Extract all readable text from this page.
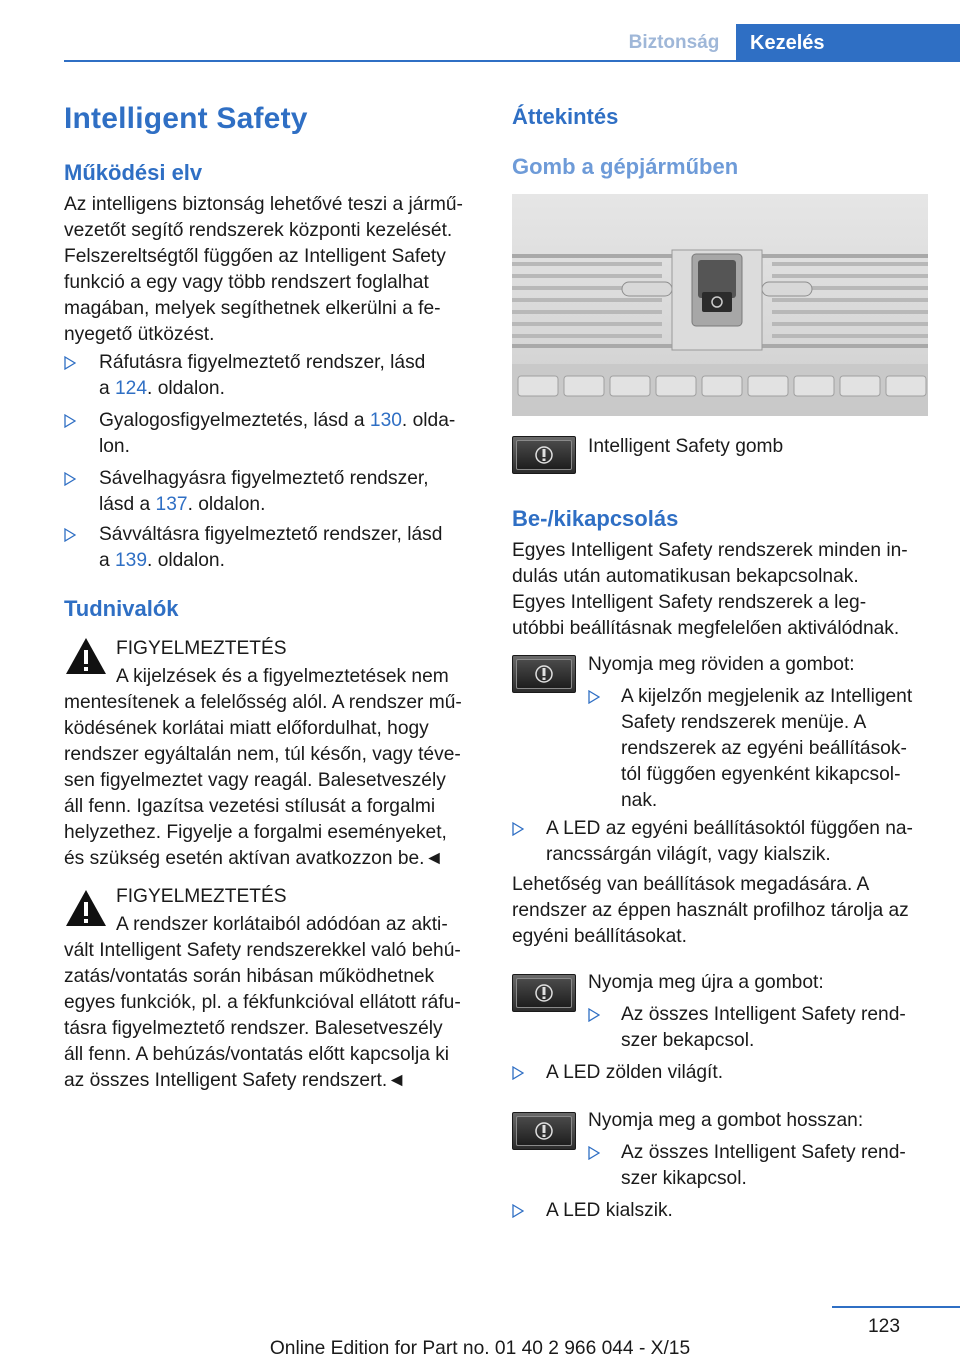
Biztonság	Kezelés
Intelligent Safety
Működési elv
Az intelligens biztonság lehetővé teszi a jármű-
vezetőt segítő rendszerek központi kezelését.
Felszereltségtől függően az Intelligent Safety
funkció a egy vagy több rendszert foglalhat
magában, melyek segíthetnek elkerülni a fe-
nyegető ütközést.
Ráfutásra figyelmeztető rendszer, lásd
a 124. oldalon.
Gyalogosfigyelmeztetés, lásd a 130. olda-
lon.
Sávelhagyásra figyelmeztető rendszer,
lásd a 137. oldalon.
Sávváltásra figyelmeztető rendszer, lásd
a 139. oldalon.
Tudnivalók
FIGYELMEZTETÉS
A kijelzések és a figyelmeztetések nem
mentesítenek a felelősség alól. A rendszer mű-
ködésének korlátai miatt előfordulhat, hogy
rendszer egyáltalán nem, túl későn, vagy téve-
sen figyelmeztet vagy reagál. Balesetveszély
áll fenn. Igazítsa vezetési stílusát a forgalmi
helyzethez. Figyelje a forgalmi eseményeket,
és szükség esetén aktívan avatkozzon be.◄
FIGYELMEZTETÉS
A rendszer korlátaiból adódóan az akti-
vált Intelligent Safety rendszerekkel való behú-
zatás/vontatás során hibásan működhetnek
egyes funkciók, pl. a fékfunkcióval ellátott ráfu-
tásra figyelmeztető rendszer. Balesetveszély
áll fenn. A behúzás/vontatás előtt kapcsolja ki
az összes Intelligent Safety rendszert.◄
Áttekintés
Gomb a gépjárműben
Intelligent Safety gomb
Be-/kikapcsolás
Egyes Intelligent Safety rendszerek minden in-
dulás után automatikusan bekapcsolnak.
Egyes Intelligent Safety rendszerek a leg-
utóbbi beállításnak megfelelően aktiválódnak.
Nyomja meg röviden a gombot:
A kijelzőn megjelenik az Intelligent
Safety rendszerek menüje. A
rendszerek az egyéni beállítások-
tól függően egyenként kikapcsol-
nak.
A LED az egyéni beállításoktól függően na-
rancssárgán világít, vagy kialszik.
Lehetőség van beállítások megadására. A
rendszer az éppen használt profilhoz tárolja az
egyéni beállításokat.
Nyomja meg újra a gombot:
Az összes Intelligent Safety rend-
szer bekapcsol.
A LED zölden világít.
Nyomja meg a gombot hosszan:
Az összes Intelligent Safety rend-
szer kikapcsol.
A LED kialszik.
123
Online Edition for Part no. 01 40 2 966 044 - X/15
